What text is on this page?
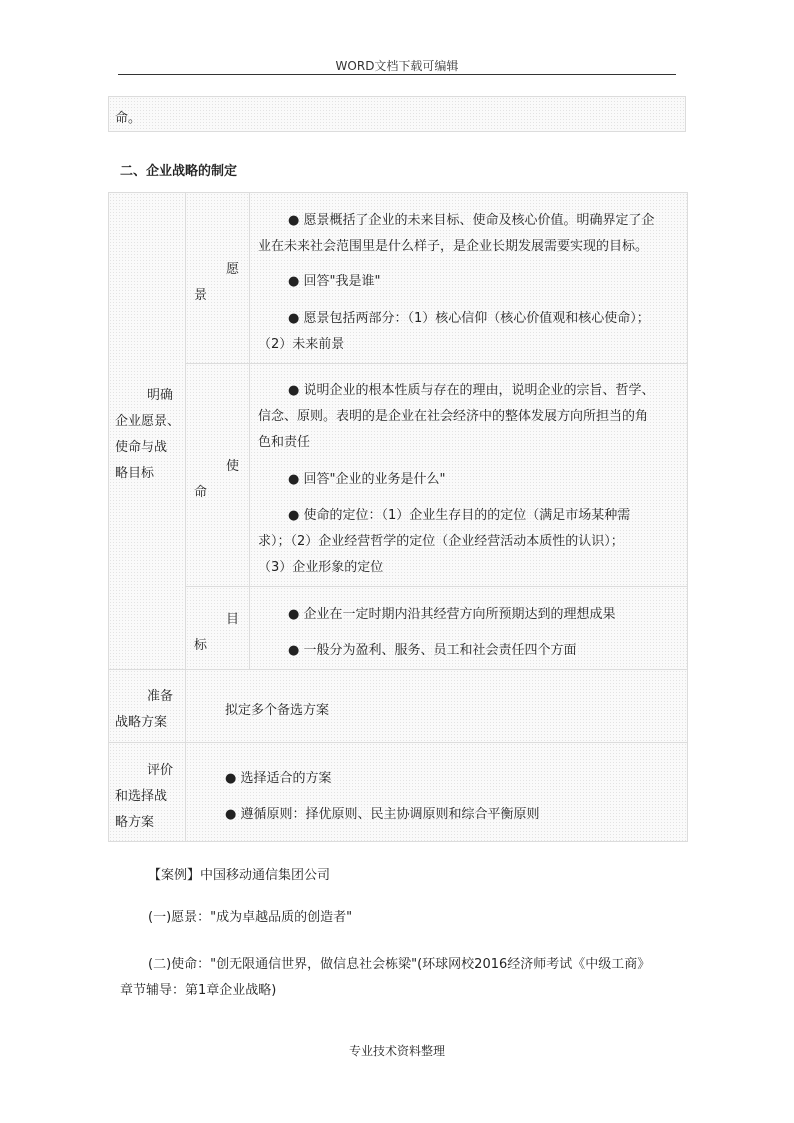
WORD文档下载可编辑
命。
二、企业战略的制定
明确
企业愿景、
使命与战
略目标
愿
景
● 愿景概括了企业的未来目标、使命及核心价值。明确界定了企
业在未来社会范围里是什么样子，是企业长期发展需要实现的目标。
● 回答"我是谁"
● 愿景包括两部分：（1）核心信仰（核心价值观和核心使命）；
（2）未来前景
使
命
● 说明企业的根本性质与存在的理由，说明企业的宗旨、哲学、
信念、原则。表明的是企业在社会经济中的整体发展方向所担当的角
色和责任
● 回答"企业的业务是什么"
● 使命的定位：（1）企业生存目的的定位（满足市场某种需
求）；（2）企业经营哲学的定位（企业经营活动本质性的认识）；
（3）企业形象的定位
目
标
● 企业在一定时期内沿其经营方向所预期达到的理想成果
● 一般分为盈利、服务、员工和社会责任四个方面
准备
战略方案
拟定多个备选方案
评价
和选择战
略方案
● 选择适合的方案
● 遵循原则：择优原则、民主协调原则和综合平衡原则
【案例】中国移动通信集团公司
(一)愿景："成为卓越品质的创造者"
(二)使命："创无限通信世界，做信息社会栋梁"(环球网校2016经济师考试《中级工商》
章节辅导：第1章企业战略)
专业技术资料整理
